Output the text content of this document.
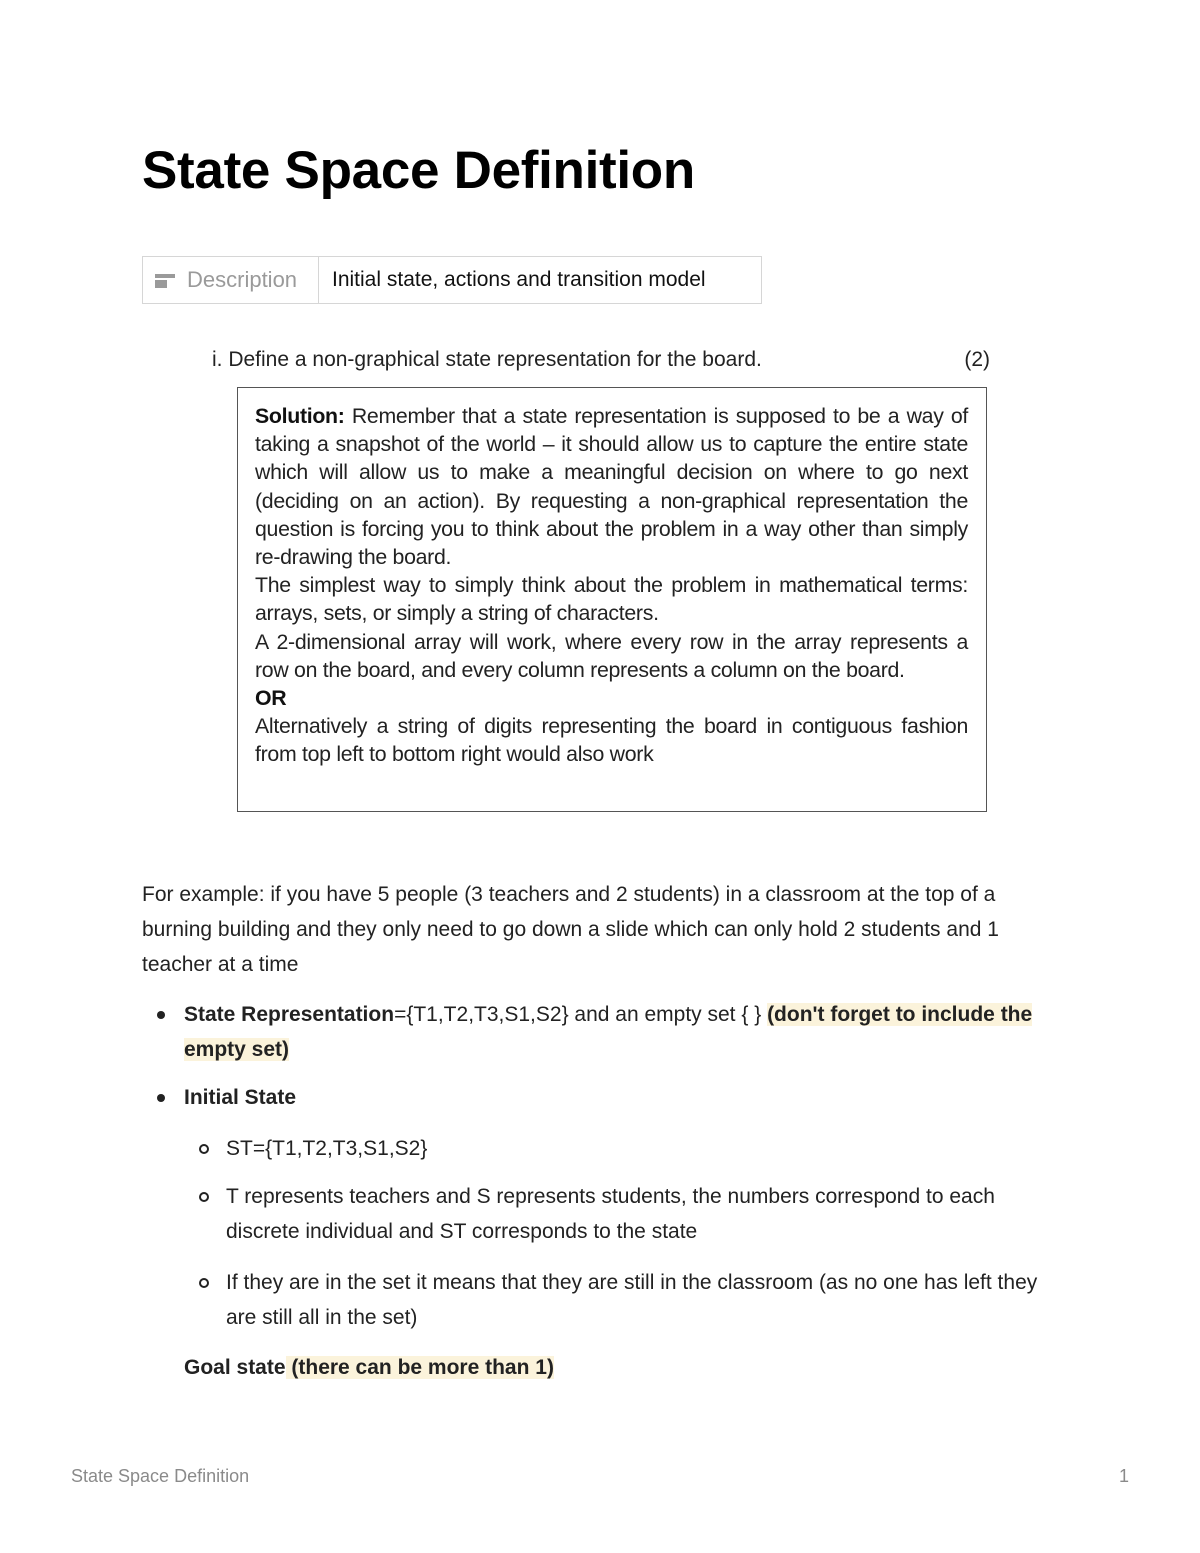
State Space Definition
Description	Initial state, actions and transition model
i. Define a non-graphical state representation for the board.	(2)

Solution: Remember that a state representation is supposed to be a way of taking a snapshot of the world – it should allow us to capture the entire state which will allow us to make a meaningful decision on where to go next (deciding on an action). By requesting a non-graphical representation the question is forcing you to think about the problem in a way other than simply re-drawing the board.

The simplest way to simply think about the problem in mathematical terms: arrays, sets, or simply a string of characters.

A 2-dimensional array will work, where every row in the array represents a row on the board, and every column represents a column on the board.

OR

Alternatively a string of digits representing the board in contiguous fashion from top left to bottom right would also work

For example: if you have 5 people (3 teachers and 2 students) in a classroom at the top of a burning building and they only need to go down a slide which can only hold 2 students and 1 teacher at a time
State Representation={T1,T2,T3,S1,S2} and an empty set { } (don't forget to include the empty set)
Initial State
ST={T1,T2,T3,S1,S2}
T represents teachers and S represents students, the numbers correspond to each discrete individual and ST corresponds to the state
If they are in the set it means that they are still in the classroom (as no one has left they are still all in the set)
Goal state (there can be more than 1)
State Space Definition	1
